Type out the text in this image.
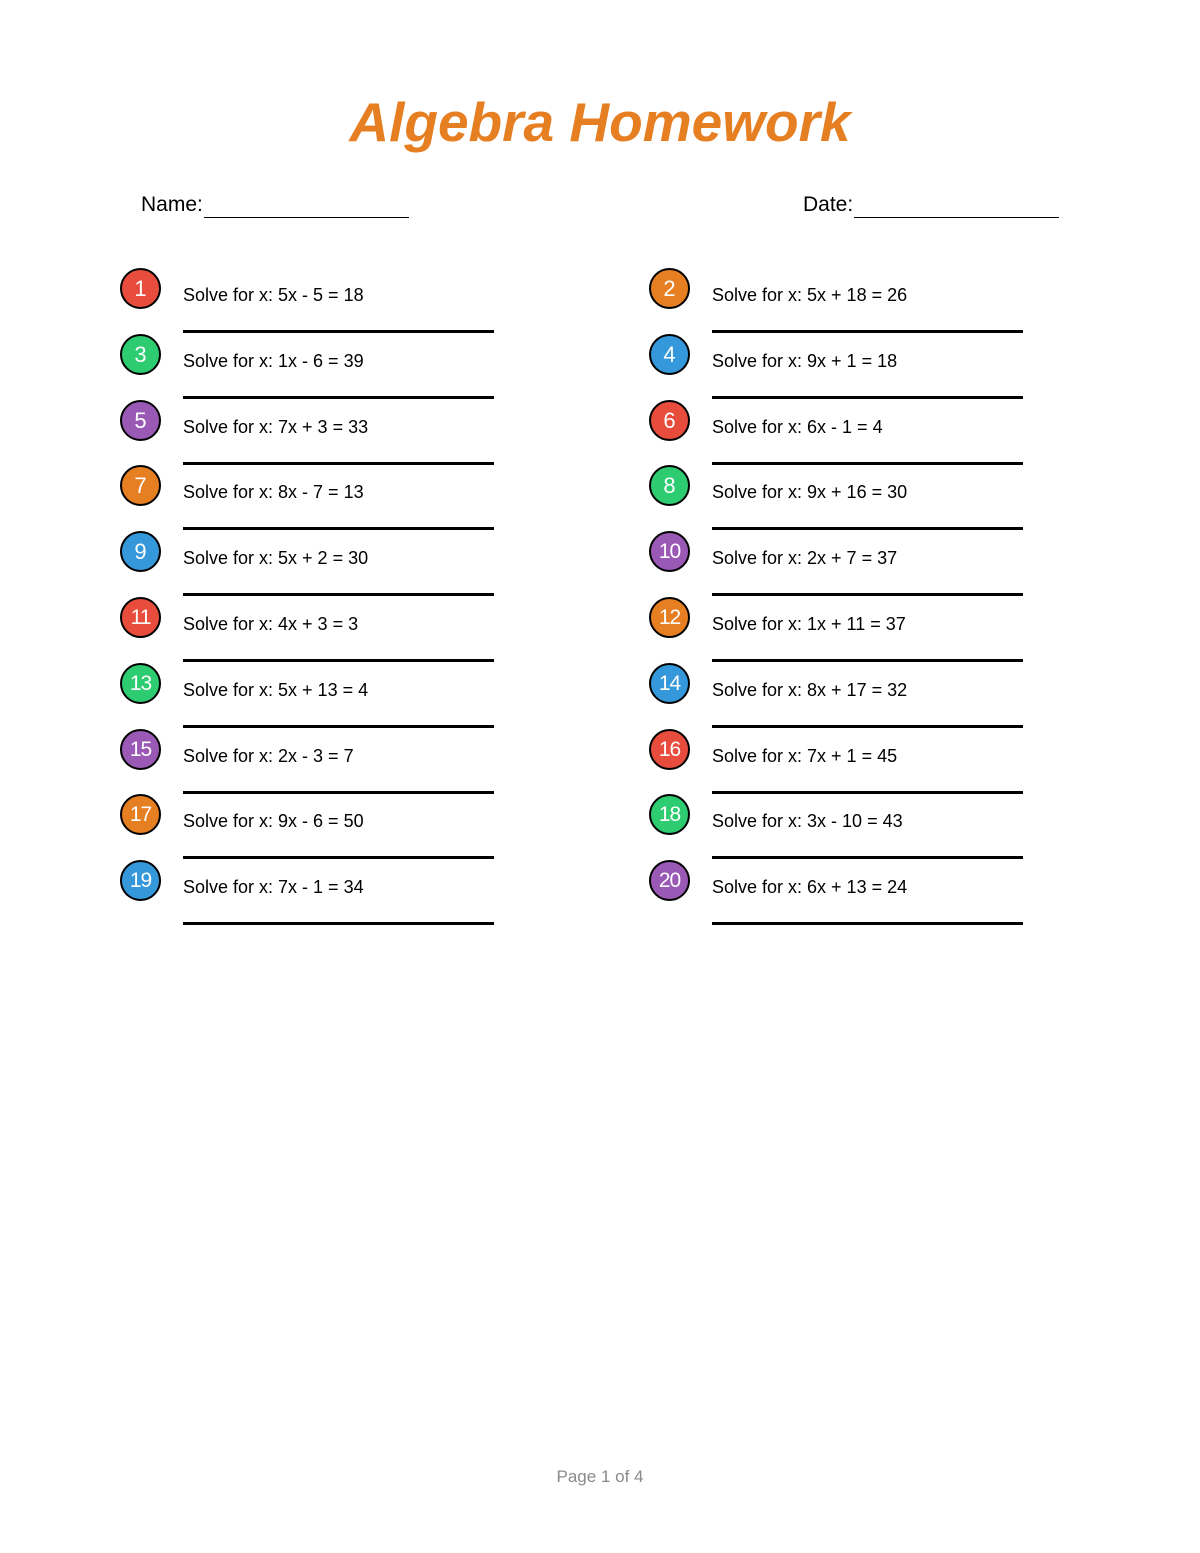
Algebra Homework
Name:	Date:
1	Solve for x: 5x - 5 = 18	2	Solve for x: 5x + 18 = 26
3	Solve for x: 1x - 6 = 39	4	Solve for x: 9x + 1 = 18
5	Solve for x: 7x + 3 = 33	6	Solve for x: 6x - 1 = 4
7	Solve for x: 8x - 7 = 13	8	Solve for x: 9x + 16 = 30
9	Solve for x: 5x + 2 = 30	10	Solve for x: 2x + 7 = 37
11	Solve for x: 4x + 3 = 3	12	Solve for x: 1x + 11 = 37
13	Solve for x: 5x + 13 = 4	14	Solve for x: 8x + 17 = 32
15	Solve for x: 2x - 3 = 7	16	Solve for x: 7x + 1 = 45
17	Solve for x: 9x - 6 = 50	18	Solve for x: 3x - 10 = 43
19	Solve for x: 7x - 1 = 34	20	Solve for x: 6x + 13 = 24
Page 1 of 4
